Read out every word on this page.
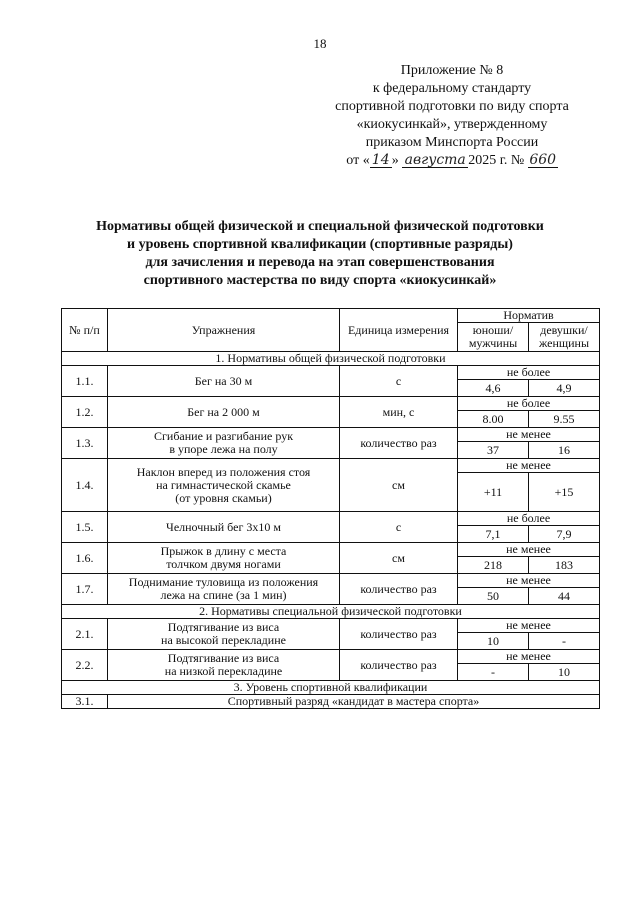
18
Приложение № 8
к федеральному стандарту
спортивной подготовки по виду спорта
«киокусинкай», утвержденному
приказом Минспорта России
от « 14 » августа 2025 г. № 660
Нормативы общей физической и специальной физической подготовки
и уровень спортивной квалификации (спортивные разряды)
для зачисления и перевода на этап совершенствования
спортивного мастерства по виду спорта «киокусинкай»
№ п/п	Упражнения	Единица измерения	Норматив	
			юноши/ мужчины	девушки/ женщины
1. Нормативы общей физической подготовки				
1.1.	Бег на 30 м	с	не более	
			4,6	4,9
1.2.	Бег на 2 000 м	мин, с	не более	
			8.00	9.55
1.3.	Сгибание и разгибание рук
в упоре лежа на полу	количество раз	не менее	
			37	16
1.4.	Наклон вперед из положения стоя
на гимнастической скамье
(от уровня скамьи)	см	не менее	
			+11	+15
1.5.	Челночный бег 3х10 м	с	не более	
			7,1	7,9
1.6.	Прыжок в длину с места
толчком двумя ногами	см	не менее	
			218	183
1.7.	Поднимание туловища из положения
лежа на спине (за 1 мин)	количество раз	не менее	
			50	44
2. Нормативы специальной физической подготовки				
2.1.	Подтягивание из виса
на высокой перекладине	количество раз	не менее	
			10	-
2.2.	Подтягивание из виса
на низкой перекладине	количество раз	не менее	
			-	10
3. Уровень спортивной квалификации				
3.1.	Спортивный разряд «кандидат в мастера спорта»			
